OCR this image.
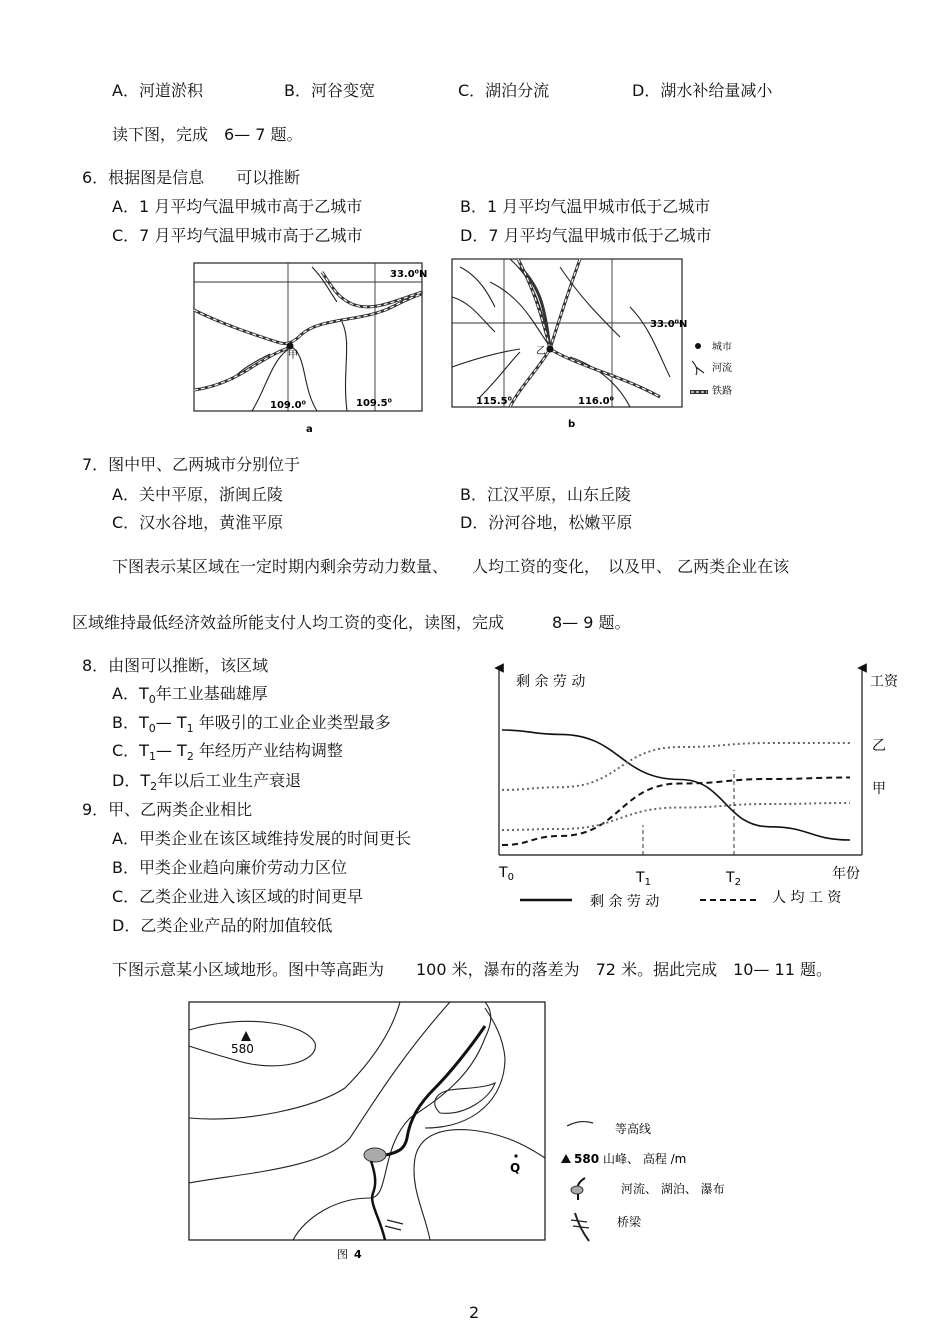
A．河道淤积	B．河谷变宽	C．湖泊分流	D．湖水补给量减小
读下图，完成　6— 7 题。
6．根据图是信息　　可以推断
A．1 月平均气温甲城市高于乙城市	B．1 月平均气温甲城市低于乙城市
C．7 月平均气温甲城市高于乙城市	D．7 月平均气温甲城市低于乙城市
甲
33.0⁰N
109.0⁰	109.5⁰
a
乙
33.0⁰N
115.5⁰	116.0⁰
b
城市
河流
铁路
7．图中甲、乙两城市分别位于
A．关中平原，浙闽丘陵	B．江汉平原，山东丘陵
C．汉水谷地，黄淮平原	D．汾河谷地，松嫩平原
下图表示某区域在一定时期内剩余劳动力数量、　　人均工资的变化，　以及甲、 乙两类企业在该
区域维持最低经济效益所能支付人均工资的变化，读图，完成　　　8— 9 题。
8．由图可以推断，该区域
A．$T_0$年工业基础雄厚
B．$T_0—$ $T_1$ 年吸引的工业企业类型最多
C．$T_1—$ $T_2$ 年经历产业结构调整
D．$T_2$年以后工业生产衰退
9．甲、乙两类企业相比
A．甲类企业在该区域维持发展的时间更长
B．甲类企业趋向廉价劳动力区位
C．乙类企业进入该区域的时间更早
D．乙类企业产品的附加值较低
剩 余 劳 动	工资
年份
乙
甲
$T_0$	$T_1$	$T_2$
剩 余 劳 动	人 均 工 资
下图示意某小区域地形。图中等高距为　　100 米，瀑布的落差为　72 米。据此完成　10— 11 题。
580
Q
图 4
等高线
580 山峰、 高程 /m
河流、 湖泊、 瀑布
桥梁
2
